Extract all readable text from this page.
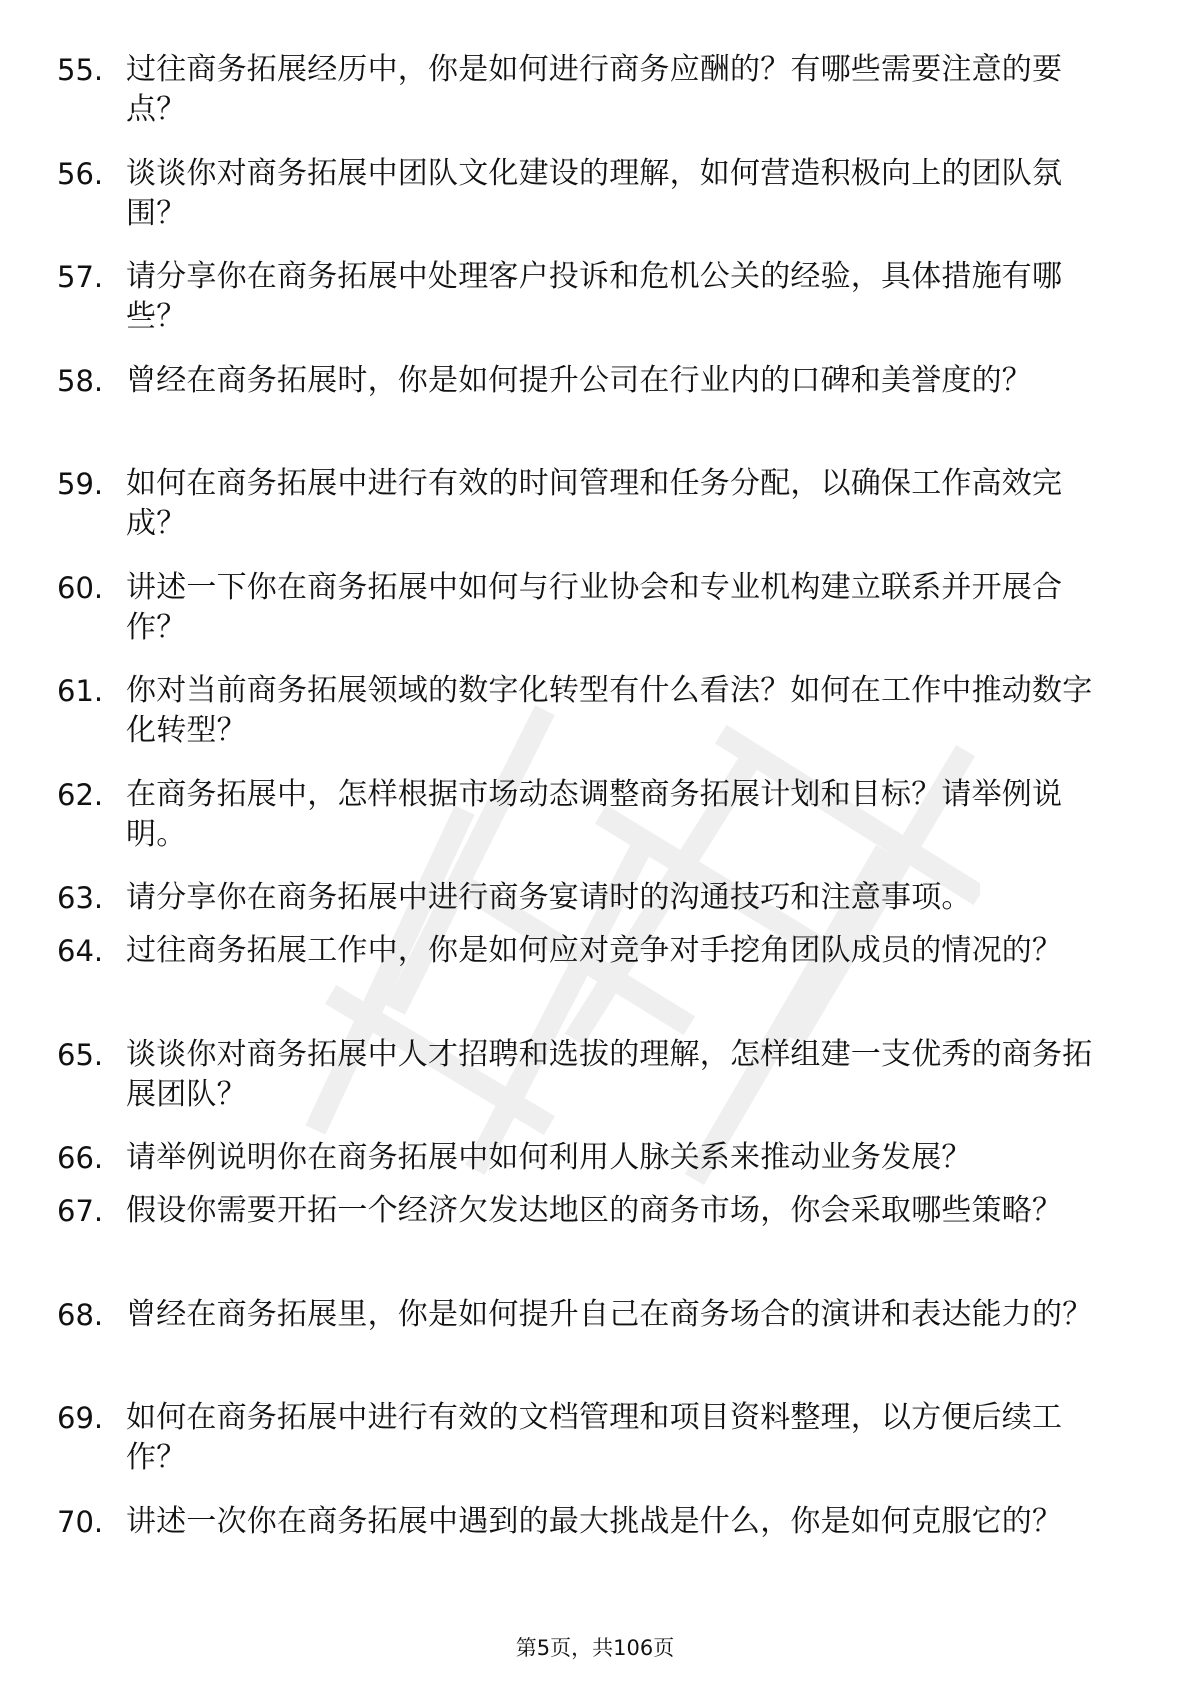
55. 过往商务拓展经历中，你是如何进行商务应酬的？有哪些需要注意的要点？
56. 谈谈你对商务拓展中团队文化建设的理解，如何营造积极向上的团队氛围？
57. 请分享你在商务拓展中处理客户投诉和危机公关的经验，具体措施有哪些？
58. 曾经在商务拓展时，你是如何提升公司在行业内的口碑和美誉度的？
59. 如何在商务拓展中进行有效的时间管理和任务分配，以确保工作高效完成？
60. 讲述一下你在商务拓展中如何与行业协会和专业机构建立联系并开展合作？
61. 你对当前商务拓展领域的数字化转型有什么看法？如何在工作中推动数字化转型？
62. 在商务拓展中，怎样根据市场动态调整商务拓展计划和目标？请举例说明。
63. 请分享你在商务拓展中进行商务宴请时的沟通技巧和注意事项。
64. 过往商务拓展工作中，你是如何应对竞争对手挖角团队成员的情况的？
65. 谈谈你对商务拓展中人才招聘和选拔的理解，怎样组建一支优秀的商务拓展团队？
66. 请举例说明你在商务拓展中如何利用人脉关系来推动业务发展？
67. 假设你需要开拓一个经济欠发达地区的商务市场，你会采取哪些策略？
68. 曾经在商务拓展里，你是如何提升自己在商务场合的演讲和表达能力的？
69. 如何在商务拓展中进行有效的文档管理和项目资料整理，以方便后续工作？
70. 讲述一次你在商务拓展中遇到的最大挑战是什么，你是如何克服它的？
第5页，共106页
